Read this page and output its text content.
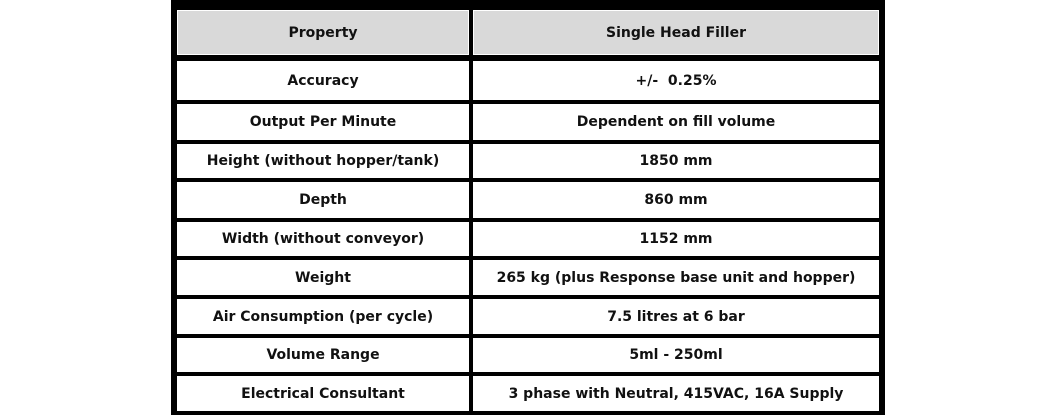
Property	Single Head Filler
Accuracy	+/-  0.25%
Output Per Minute	Dependent on fill volume
Height (without hopper/tank)	1850 mm
Depth	860 mm
Width (without conveyor)	1152 mm
Weight	265 kg (plus Response base unit and hopper)
Air Consumption (per cycle)	7.5 litres at 6 bar
Volume Range	5ml - 250ml
Electrical Consultant	3 phase with Neutral, 415VAC, 16A Supply
